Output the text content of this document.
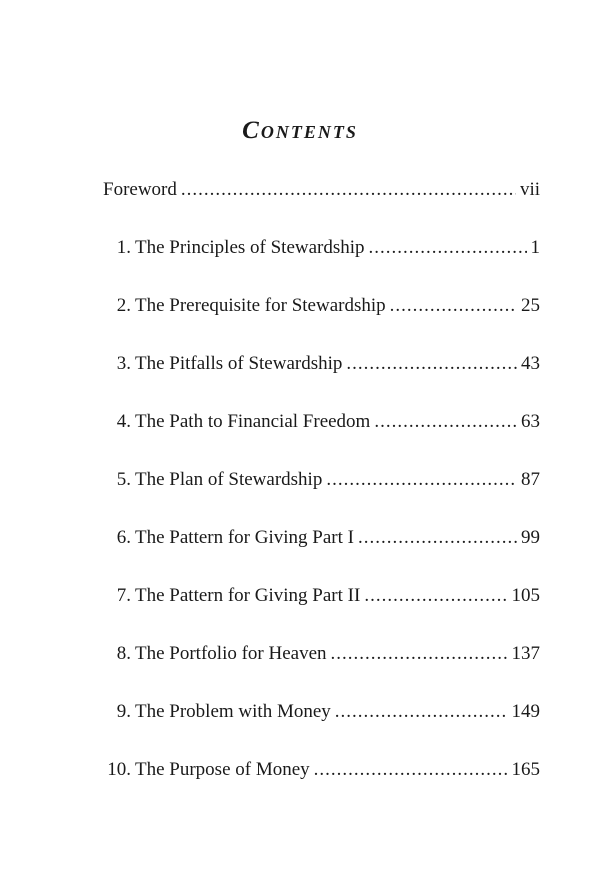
Contents
Foreword .....	vii
1. The Principles of Stewardship .....	1
2. The Prerequisite for Stewardship .....	25
3. The Pitfalls of Stewardship .....	43
4. The Path to Financial Freedom .....	63
5. The Plan of Stewardship .....	87
6. The Pattern for Giving Part I .....	99
7. The Pattern for Giving Part II .....	105
8. The Portfolio for Heaven .....	137
9. The Problem with Money .....	149
10. The Purpose of Money .....	165
